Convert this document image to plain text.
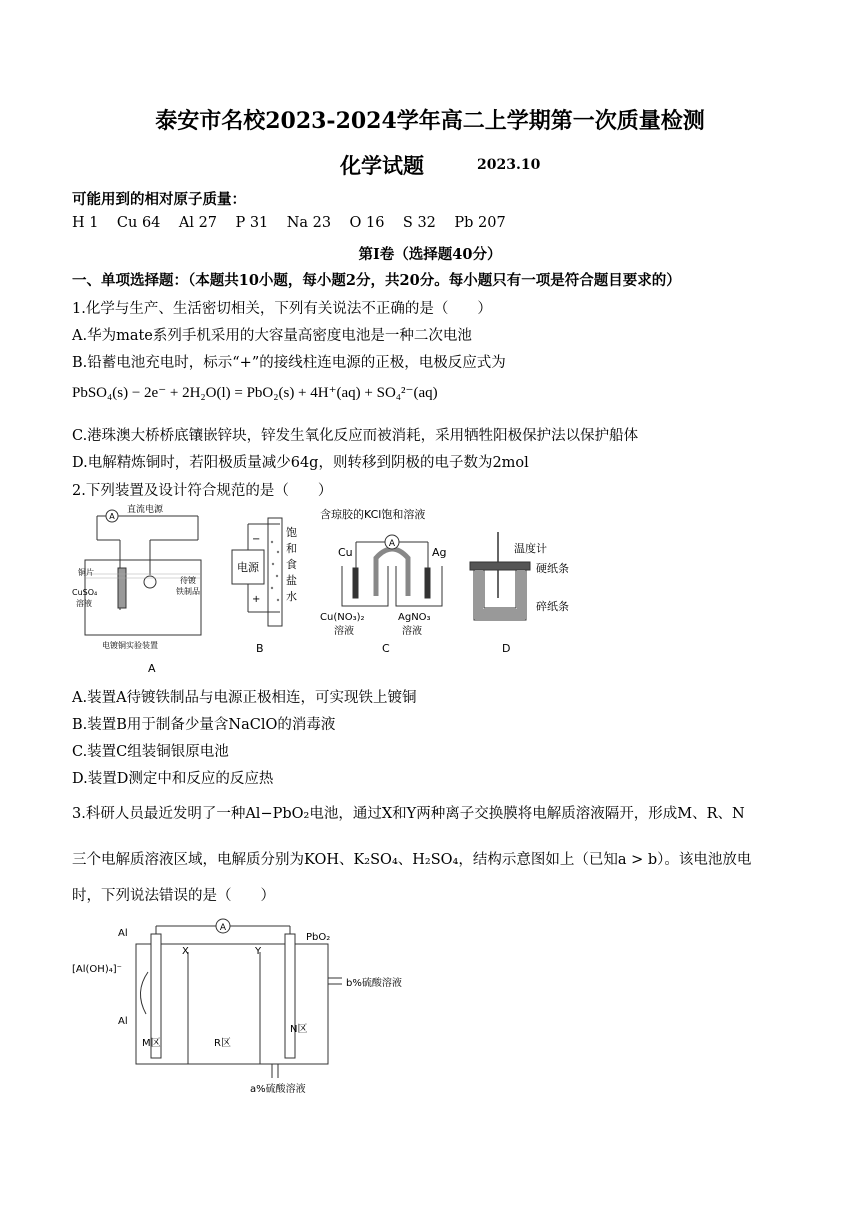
泰安市名校2023-2024学年高二上学期第一次质量检测
化学试题	2023.10
可能用到的相对原子质量：
H 1    Cu 64    Al 27    P 31    Na 23    O 16    S 32    Pb 207
第Ⅰ卷（选择题40分）
一、单项选择题：（本题共10小题，每小题2分，共20分。每小题只有一项是符合题目要求的）
1.化学与生产、生活密切相关，下列有关说法不正确的是（　　）
A.华为mate系列手机采用的大容量高密度电池是一种二次电池
B.铅蓄电池充电时，标示“+”的接线柱连电源的正极，电极反应式为
PbSO₄(s) − 2e⁻ + 2H₂O(l) = PbO₂(s) + 4H⁺(aq) + SO₄²⁻(aq)
C.港珠澳大桥桥底镶嵌锌块，锌发生氧化反应而被消耗，采用牺牲阳极保护法以保护船体
D.电解精炼铜时，若阳极质量减少64g，则转移到阴极的电子数为2mol
2.下列装置及设计符合规范的是（　　）
A
直流电源
铜片
CuSO₄
溶液
待镀
铁制品
电镀铜实验装置
A
电源
−
+
饱
和
食
盐
水
B
含琼胶的KCl饱和溶液
A
Cu	Ag
Cu(NO₃)₂
溶液
AgNO₃
溶液
C
温度计
硬纸条
碎纸条
D
A.装置A待镀铁制品与电源正极相连，可实现铁上镀铜
B.装置B用于制备少量含NaClO的消毒液
C.装置C组装铜银原电池
D.装置D测定中和反应的反应热
3.科研人员最近发明了一种Al−PbO₂电池，通过X和Y两种离子交换膜将电解质溶液隔开，形成M、R、N
三个电解质溶液区域，电解质分别为KOH、K₂SO₄、H₂SO₄，结构示意图如上（已知a > b）。该电池放电
时，下列说法错误的是（　　）
A
Al	PbO₂
X	Y
[Al(OH)₄]⁻
Al
b%硫酸溶液
M区	R区
N区
a%硫酸溶液
